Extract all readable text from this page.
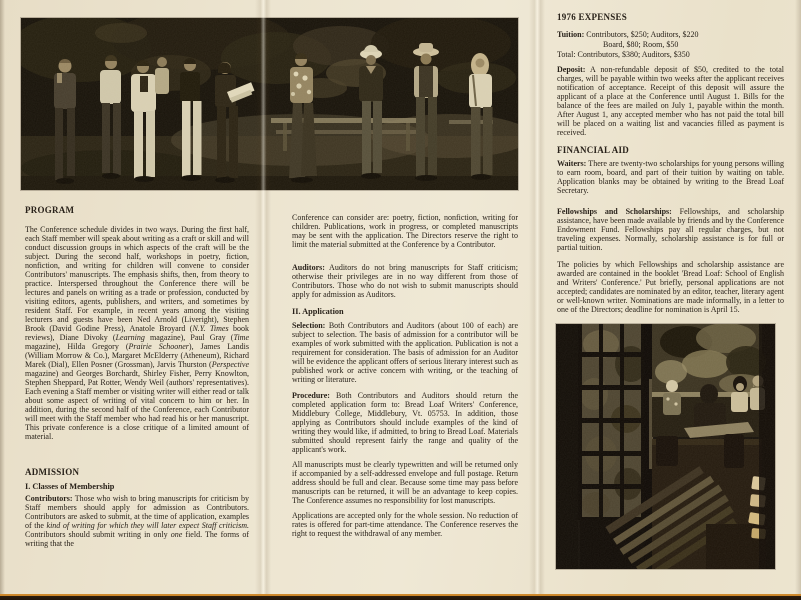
PROGRAM

The Conference schedule divides in two ways. During the first half, each Staff member will speak about writing as a craft or skill and will conduct discussion groups in which aspects of the craft will be the subject. During the second half, workshops in poetry, fiction, nonfiction, and writing for children will convene to consider Contributors' manuscripts. The emphasis shifts, then, from theory to practice. Interspersed throughout the Conference there will be lectures and panels on writing as a trade or profession, conducted by visiting editors, agents, publishers, and writers, and sometimes by resident Staff. For example, in recent years among the visiting lecturers and guests have been Ned Arnold (Liveright), Stephen Brook (David Godine Press), Anatole Broyard (N.Y. Times book reviews), Diane Divoky (Learning magazine), Paul Gray (Time magazine), Hilda Gregory (Prairie Schooner), James Landis (William Morrow & Co.), Margaret McElderry (Atheneum), Richard Marek (Dial), Ellen Posner (Grossman), Jarvis Thurston (Perspective magazine) and Georges Borchardt, Shirley Fisher, Perry Knowlton, Stephen Sheppard, Pat Rotter, Wendy Weil (authors' representatives). Each evening a Staff member or visiting writer will either read or talk about some aspect of writing of vital concern to him or her. In addition, during the second half of the Conference, each Contributor will meet with the Staff member who had read his or her manuscript. This private conference is a close critique of a limited amount of material.

ADMISSION
I. Classes of Membership

Contributors: Those who wish to bring manuscripts for criticism by Staff members should apply for admission as Contributors. Contributors are asked to submit, at the time of application, examples of the kind of writing for which they will later expect Staff criticism. Contributors should submit writing in only one field. The forms of writing that the

Conference can consider are: poetry, fiction, nonfiction, writing for children. Publications, work in progress, or completed manuscripts may be sent with the application. The Directors reserve the right to limit the material submitted at the Conference by a Contributor.

Auditors: Auditors do not bring manuscripts for Staff criticism; otherwise their privileges are in no way different from those of Contributors. Those who do not wish to submit manuscripts should apply for admission as Auditors.

II. Application

Selection: Both Contributors and Auditors (about 100 of each) are subject to selection. The basis of admission for a contributor will be examples of work submitted with the application. Publication is not a requirement for consideration. The basis of admission for an Auditor will be evidence the applicant offers of serious literary interest such as published work or active concern with writing, or the teaching of writing or literature.

Procedure: Both Contributors and Auditors should return the completed application form to: Bread Loaf Writers' Conference, Middlebury College, Middlebury, Vt. 05753. In addition, those applying as Contributors should include examples of the kind of writing they would like, if admitted, to bring to Bread Loaf. Materials submitted should represent fairly the range and quality of the applicant's work.

All manuscripts must be clearly typewritten and will be returned only if accompanied by a self-addressed envelope and full postage. Return address should be full and clear. Because some time may pass before manuscripts can be returned, it will be an advantage to keep copies. The Conference assumes no responsibility for lost manuscripts.

Applications are accepted only for the whole session. No reduction of rates is offered for part-time attendance. The Conference reserves the right to request the withdrawal of any member.

1976 EXPENSES
Tuition: Contributors, $250; Auditors, $220
Board, $80; Room, $50
Total: Contributors, $380; Auditors, $350

Deposit: A non-refundable deposit of $50, credited to the total charges, will be payable within two weeks after the applicant receives notification of acceptance. Receipt of this deposit will assure the applicant of a place at the Conference until August 1. Bills for the balance of the fees are mailed on July 1, payable within the month. After August 1, any accepted member who has not paid the total bill will be placed on a waiting list and vacancies filled as payment is received.

FINANCIAL AID

Waiters: There are twenty-two scholarships for young persons willing to earn room, board, and part of their tuition by waiting on table. Application blanks may be obtained by writing to the Bread Loaf Secretary.

Fellowships and Scholarships: Fellowships, and scholarship assistance, have been made available by friends and by the Conference Endowment Fund. Fellowships pay all regular charges, but not traveling expenses. Normally, scholarship assistance is for full or partial tuition.

The policies by which Fellowships and scholarship assistance are awarded are contained in the booklet 'Bread Loaf: School of English and Writers' Conference.' Put briefly, personal applications are not accepted; candidates are nominated by an editor, teacher, literary agent or well-known writer. Nominations are made informally, in a letter to one of the Directors; deadline for nomination is April 15.
